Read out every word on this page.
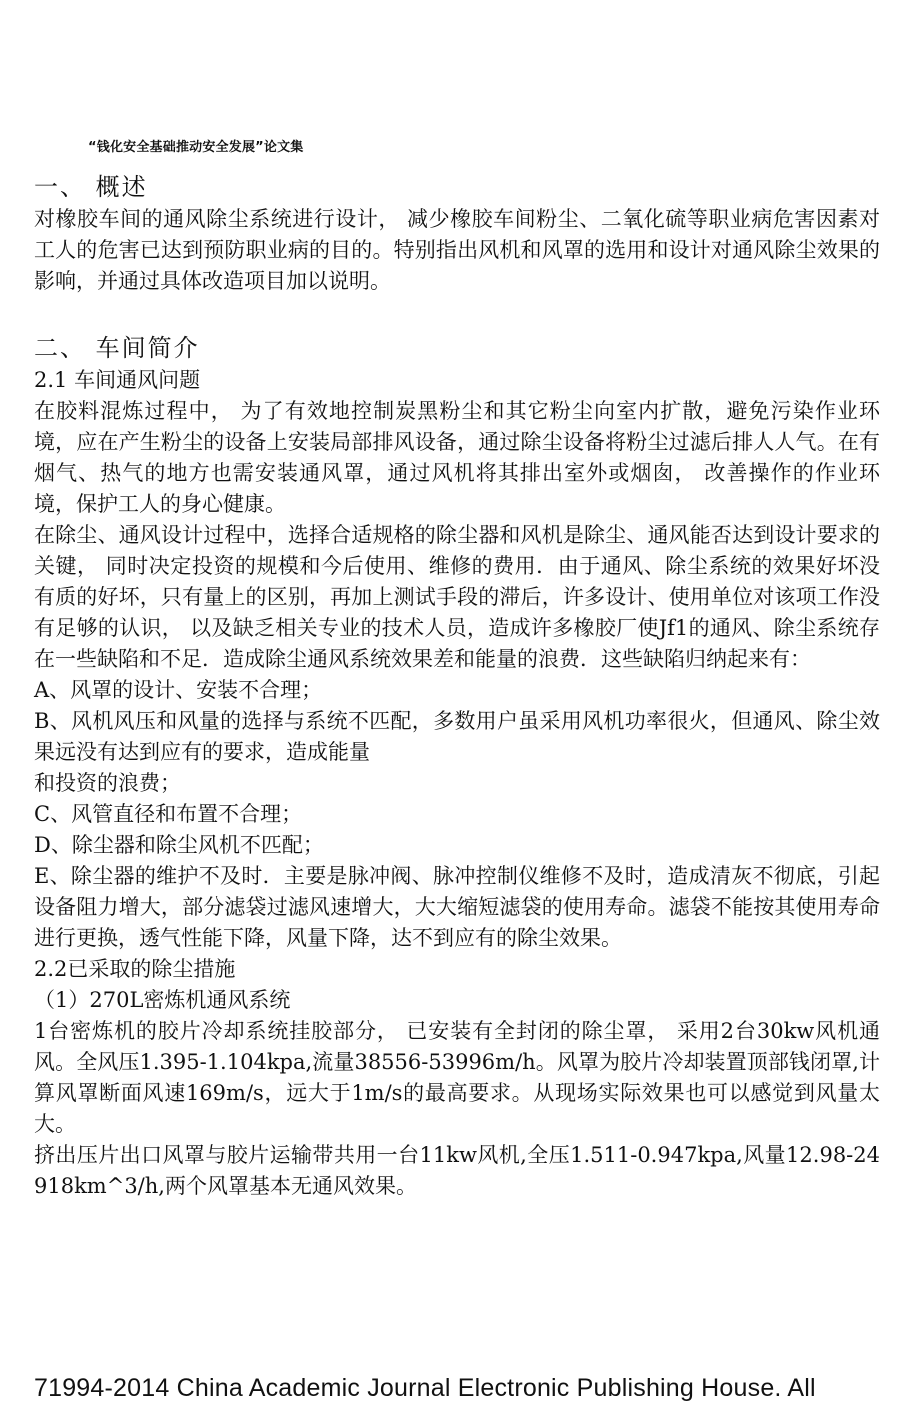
“钱化安全基础推动安全发展”论文集
一、 概述

对橡胶车间的通风除尘系统进行设计， 减少橡胶车间粉尘、二氧化硫等职业病危害因素对工人的危害已达到预防职业病的目的。特别指出风机和风罩的选用和设计对通风除尘效果的影响，并通过具体改造项目加以说明。

二、 车间简介
2.1 车间通风问题

在胶料混炼过程中， 为了有效地控制炭黑粉尘和其它粉尘向室内扩散，避免污染作业环境，应在产生粉尘的设备上安装局部排风设备，通过除尘设备将粉尘过滤后排人人气。在有烟气、热气的地方也需安装通风罩，通过风机将其排出室外或烟囱， 改善操作的作业环境，保护工人的身心健康。

在除尘、通风设计过程中，选择合适规格的除尘器和风机是除尘、通风能否达到设计要求的关键， 同时决定投资的规模和今后使用、维修的费用．由于通风、除尘系统的效果好坏没有质的好坏，只有量上的区别，再加上测试手段的滞后，许多设计、使用单位对该项工作没有足够的认识， 以及缺乏相关专业的技术人员，造成许多橡胶厂使Jf1的通风、除尘系统存在一些缺陷和不足．造成除尘通风系统效果差和能量的浪费．这些缺陷归纳起来有：

A、风罩的设计、安装不合理；

B、风机风压和风量的选择与系统不匹配，多数用户虽采用风机功率很火，但通风、除尘效果远没有达到应有的要求，造成能量

和投资的浪费；

C、风管直径和布置不合理；

D、除尘器和除尘风机不匹配；

E、除尘器的维护不及时．主要是脉冲阀、脉冲控制仪维修不及时，造成清灰不彻底，引起设备阻力增大，部分滤袋过滤风速增大，大大缩短滤袋的使用寿命。滤袋不能按其使用寿命进行更换，透气性能下降，风量下降，达不到应有的除尘效果。

2.2已采取的除尘措施

（1）270L密炼机通风系统

1台密炼机的胶片冷却系统挂胶部分， 已安装有全封闭的除尘罩， 采用2台30kw风机通风。全风压1.395-1.104kpa,流量38556-53996m/h。风罩为胶片冷却装置顶部钱闭罩,计算风罩断面风速169m/s，远大于1m/s的最高要求。从现场实际效果也可以感觉到风量太大。

挤出压片出口风罩与胶片运输带共用一台11kw风机,全压1.511-0.947kpa,风量12.98-24918km^3/h,两个风罩基本无通风效果。

71994-2014 China Academic Journal Electronic Publishing House. All
